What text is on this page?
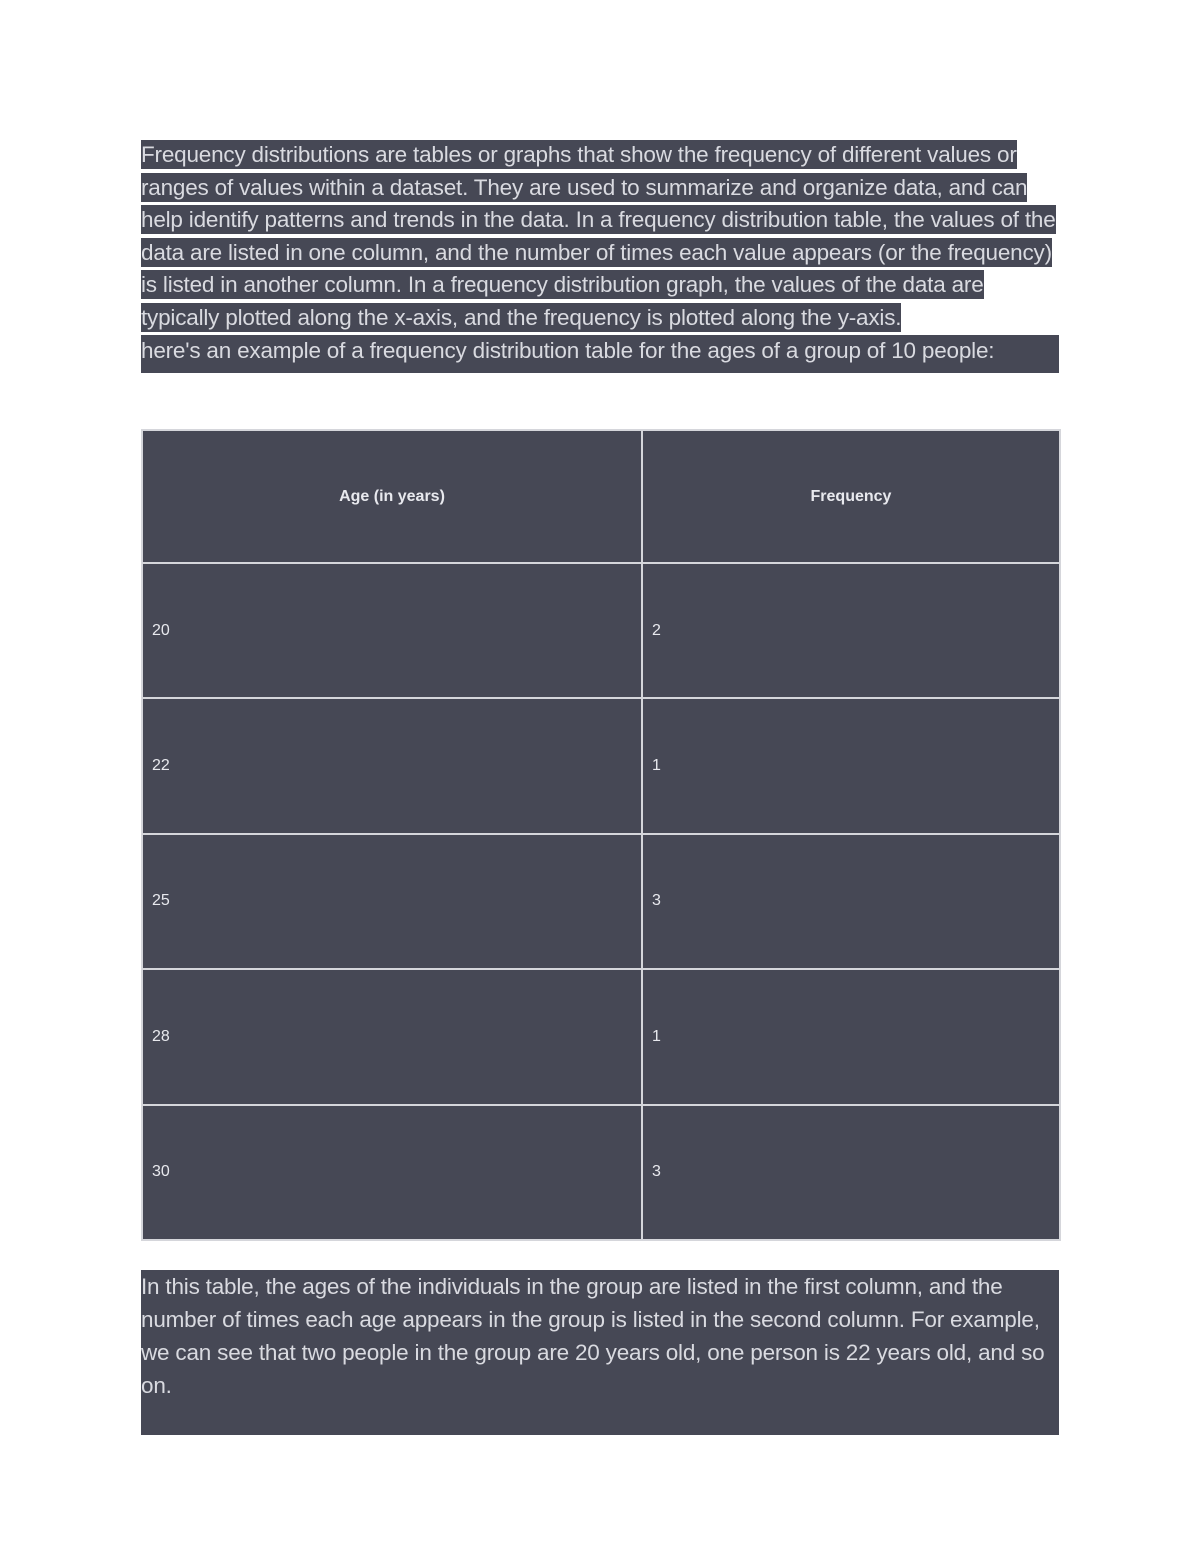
Frequency distributions are tables or graphs that show the frequency of different values or ranges of values within a dataset. They are used to summarize and organize data, and can help identify patterns and trends in the data. In a frequency distribution table, the values of the data are listed in one column, and the number of times each value appears (or the frequency) is listed in another column. In a frequency distribution graph, the values of the data are typically plotted along the x-axis, and the frequency is plotted along the y-axis.
here's an example of a frequency distribution table for the ages of a group of 10 people:
Age (in years)	Frequency
20	2
22	1
25	3
28	1
30	3
In this table, the ages of the individuals in the group are listed in the first column, and the number of times each age appears in the group is listed in the second column. For example, we can see that two people in the group are 20 years old, one person is 22 years old, and so on.
